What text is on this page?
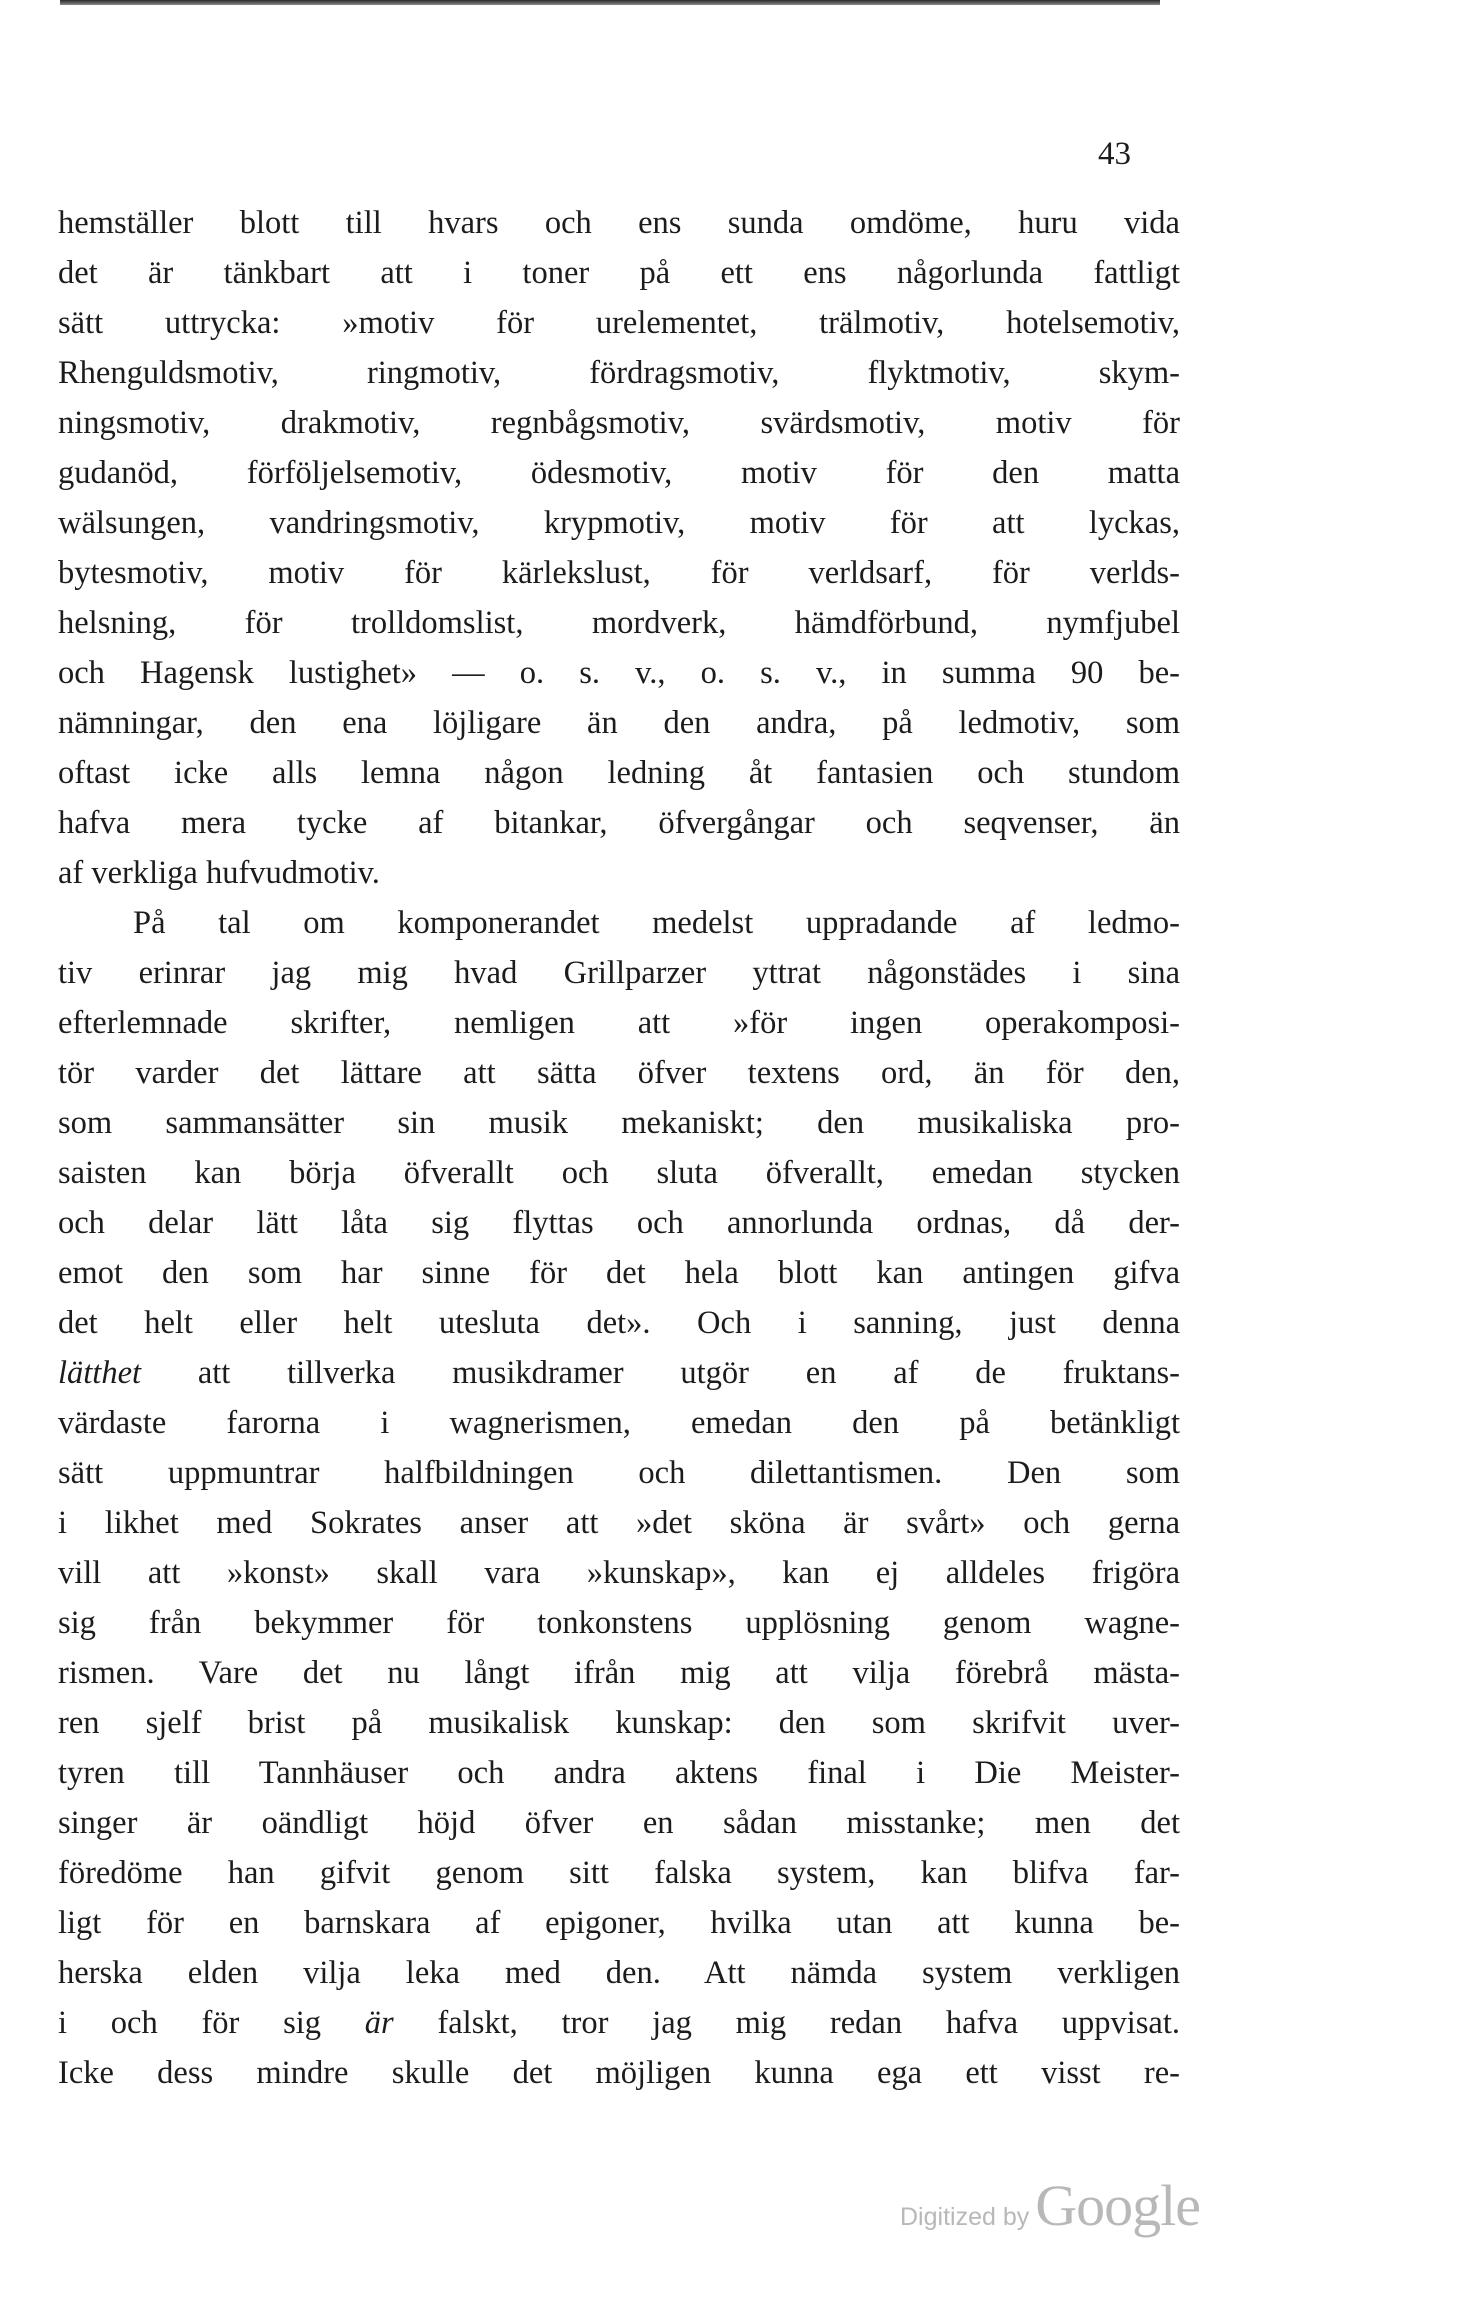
43
hemställer blott till hvars och ens sunda omdöme, huru vida
det är tänkbart att i toner på ett ens någorlunda fattligt
sätt uttrycka: »motiv för urelementet, trälmotiv, hotelsemotiv,
Rhenguldsmotiv, ringmotiv, fördragsmotiv, flyktmotiv, skym-
ningsmotiv, drakmotiv, regnbågsmotiv, svärdsmotiv, motiv för
gudanöd, förföljelsemotiv, ödesmotiv, motiv för den matta
wälsungen, vandringsmotiv, krypmotiv, motiv för att lyckas,
bytesmotiv, motiv för kärlekslust, för verldsarf, för verlds-
helsning, för trolldomslist, mordverk, hämdförbund, nymfjubel
och Hagensk lustighet» — o. s. v., o. s. v., in summa 90 be-
nämningar, den ena löjligare än den andra, på ledmotiv, som
oftast icke alls lemna någon ledning åt fantasien och stundom
hafva mera tycke af bitankar, öfvergångar och seqvenser, än
af verkliga hufvudmotiv.
På tal om komponerandet medelst uppradande af ledmo-
tiv erinrar jag mig hvad Grillparzer yttrat någonstädes i sina
efterlemnade skrifter, nemligen att »för ingen operakomposi-
tör varder det lättare att sätta öfver textens ord, än för den,
som sammansätter sin musik mekaniskt; den musikaliska pro-
saisten kan börja öfverallt och sluta öfverallt, emedan stycken
och delar lätt låta sig flyttas och annorlunda ordnas, då der-
emot den som har sinne för det hela blott kan antingen gifva
det helt eller helt utesluta det». Och i sanning, just denna
lätthet att tillverka musikdramer utgör en af de fruktans-
värdaste farorna i wagnerismen, emedan den på betänkligt
sätt uppmuntrar halfbildningen och dilettantismen. Den som
i likhet med Sokrates anser att »det sköna är svårt» och gerna
vill att »konst» skall vara »kunskap», kan ej alldeles frigöra
sig från bekymmer för tonkonstens upplösning genom wagne-
rismen. Vare det nu långt ifrån mig att vilja förebrå mästa-
ren sjelf brist på musikalisk kunskap: den som skrifvit uver-
tyren till Tannhäuser och andra aktens final i Die Meister-
singer är oändligt höjd öfver en sådan misstanke; men det
föredöme han gifvit genom sitt falska system, kan blifva far-
ligt för en barnskara af epigoner, hvilka utan att kunna be-
herska elden vilja leka med den. Att nämda system verkligen
i och för sig är falskt, tror jag mig redan hafva uppvisat.
Icke dess mindre skulle det möjligen kunna ega ett visst re-
Digitized by Google
